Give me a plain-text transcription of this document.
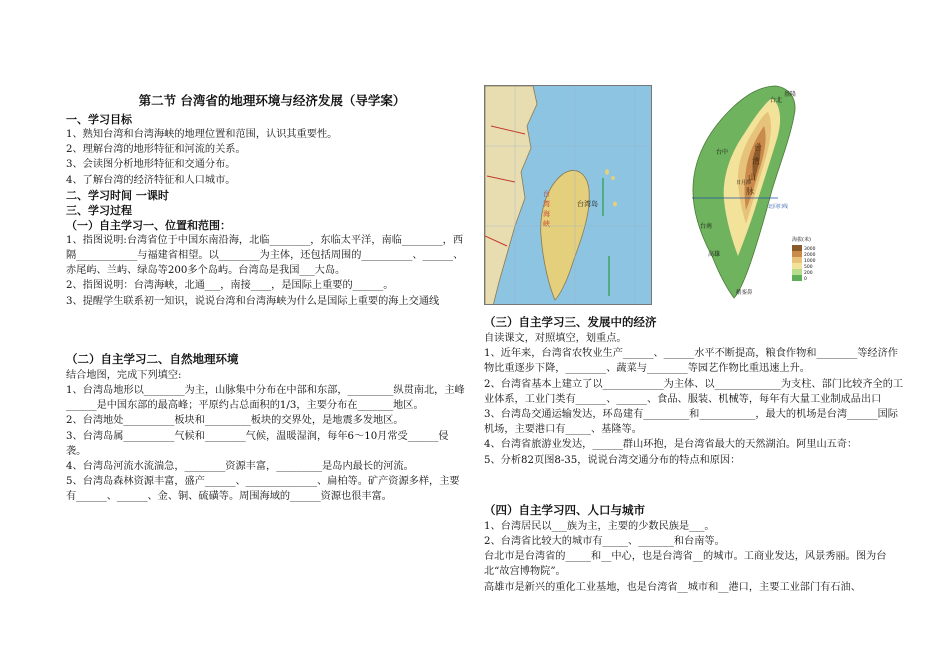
第二节 台湾省的地理环境与经济发展（导学案）
一、学习目标
1、熟知台湾和台湾海峡的地理位置和范围，认识其重要性。
2、理解台湾的地形特征和河流的关系。
3、会读图分析地形特征和交通分布。
4、了解台湾的经济特征和人口城市。
二、学习时间 一课时
三、学习过程
（一）自主学习一、位置和范围：
1、指图说明:台湾省位于中国东南沿海，北临________，东临太平洋，南临________，西隔____________与福建省相望。以________为主体，还包括周围的__________、______、赤尾屿、兰屿、绿岛等200多个岛屿。台湾岛是我国___大岛。
2、指图说明：台湾海峡，北通___，南接____，是国际上重要的______。
3、提醒学生联系初一知识，说说台湾和台湾海峡为什么是国际上重要的海上交通线
（二）自主学习二、自然地理环境
结合地图，完成下列填空:
1、台湾岛地形以________为主，山脉集中分布在中部和东部，_________纵贯南北，主峰______是中国东部的最高峰；平原约占总面积的1/3，主要分布在_______地区。
2、台湾地处__________板块和_________板块的交界处，是地震多发地区。
3、台湾岛属__________气候和________气候，温暖湿润，每年6～10月常受______侵袭。
4、台湾岛河流水流湍急，________资源丰富，_________是岛内最长的河流。
5、台湾岛森林资源丰富，盛产______、______________、扁柏等。矿产资源多样，主要有______、______、金、铜、硫磺等。周围海域的______资源也很丰富。
台湾岛
台
湾
海
峡
台北
基隆
台
湾
山
脉
台中
台南
高雄
日月潭
北回归线
鹅銮鼻
海拔(米)
3000
2000
1000
500
200
0
（三）自主学习三、发展中的经济
自读课文，对照填空，划重点。
1、近年来，台湾省农牧业生产______、______水平不断提高，粮食作物和________等经济作物比重逐步下降，________、蔬菜与________等园艺作物比重迅速上升。
2、台湾省基本上建立了以____________为主体、以_____________为支柱、部门比较齐全的工业体系，工业门类有______、______、食品、服装、机械等，每年有大量工业制成品出口
3、台湾岛交通运输发达，环岛建有_________和___________，最大的机场是台湾______国际机场，主要港口有_____、基隆等。
4、台湾省旅游业发达，______群山环抱，是台湾省最大的天然湖泊。阿里山五奇：
5、分析82页图8-35，说说台湾交通分布的特点和原因：
（四）自主学习四、人口与城市
1、台湾居民以___族为主，主要的少数民族是___。
2、台湾省比较大的城市有_____、_______和台南等。
台北市是台湾省的_____和__中心，也是台湾省__的城市。工商业发达，风景秀丽。图为台北“故宫博物院”。
高雄市是新兴的重化工业基地，也是台湾省__城市和__港口，主要工业部门有石油、
